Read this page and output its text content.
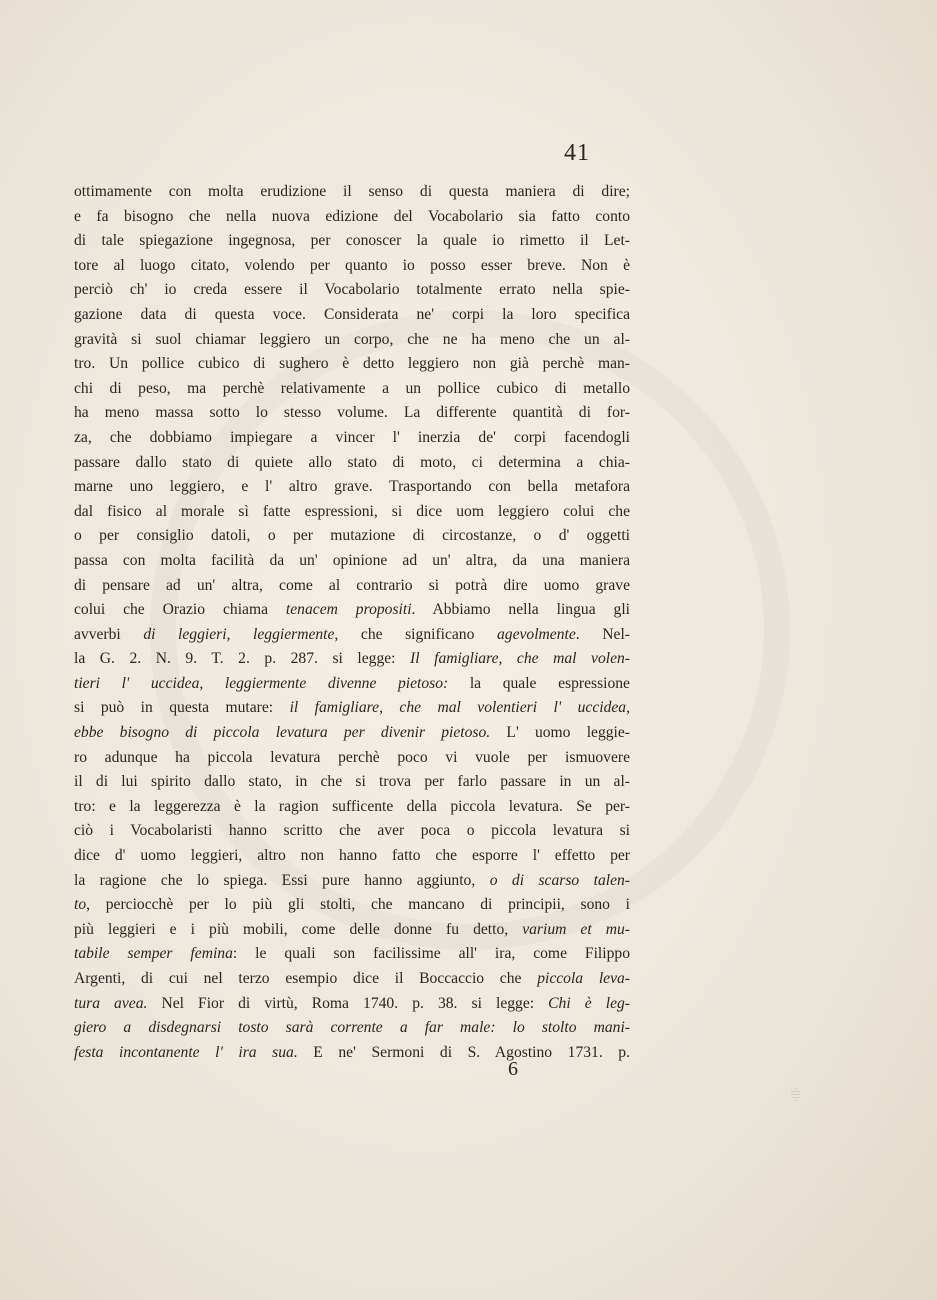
41
ottimamente con molta erudizione il senso di questa maniera di dire;
e fa bisogno che nella nuova edizione del Vocabolario sia fatto conto
di tale spiegazione ingegnosa, per conoscer la quale io rimetto il Let-
tore al luogo citato, volendo per quanto io posso esser breve. Non è
perciò ch' io creda essere il Vocabolario totalmente errato nella spie-
gazione data di questa voce. Considerata ne' corpi la loro specifica
gravità si suol chiamar leggiero un corpo, che ne ha meno che un al-
tro. Un pollice cubico di sughero è detto leggiero non già perchè man-
chi di peso, ma perchè relativamente a un pollice cubico di metallo
ha meno massa sotto lo stesso volume. La differente quantità di for-
za, che dobbiamo impiegare a vincer l' inerzia de' corpi facendogli
passare dallo stato di quiete allo stato di moto, ci determina a chia-
marne uno leggiero, e l' altro grave. Trasportando con bella metafora
dal fisico al morale sì fatte espressioni, si dice uom leggiero colui che
o per consiglio datoli, o per mutazione di circostanze, o d' oggetti
passa con molta facilità da un' opinione ad un' altra, da una maniera
di pensare ad un' altra, come al contrario si potrà dire uomo grave
colui che Orazio chiama tenacem propositi. Abbiamo nella lingua gli
avverbi di leggieri, leggiermente, che significano agevolmente. Nel-
la G. 2. N. 9. T. 2. p. 287. si legge: Il famigliare, che mal volen-
tieri l' uccidea, leggiermente divenne pietoso: la quale espressione
si può in questa mutare: il famigliare, che mal volentieri l' uccidea,
ebbe bisogno di piccola levatura per divenir pietoso. L' uomo leggie-
ro adunque ha piccola levatura perchè poco vi vuole per ismuovere
il di lui spirito dallo stato, in che si trova per farlo passare in un al-
tro: e la leggerezza è la ragion sufficente della piccola levatura. Se per-
ciò i Vocabolaristi hanno scritto che aver poca o piccola levatura si
dice d' uomo leggieri, altro non hanno fatto che esporre l' effetto per
la ragione che lo spiega. Essi pure hanno aggiunto, o di scarso talen-
to, perciocchè per lo più gli stolti, che mancano di principii, sono i
più leggieri e i più mobili, come delle donne fu detto, varium et mu-
tabile semper femina: le quali son facilissime all' ira, come Filippo
Argenti, di cui nel terzo esempio dice il Boccaccio che piccola leva-
tura avea. Nel Fior di virtù, Roma 1740. p. 38. si legge: Chi è leg-
giero a disdegnarsi tosto sarà corrente a far male: lo stolto mani-
festa incontanente l' ira sua. E ne' Sermoni di S. Agostino 1731. p.
6
·|||·
